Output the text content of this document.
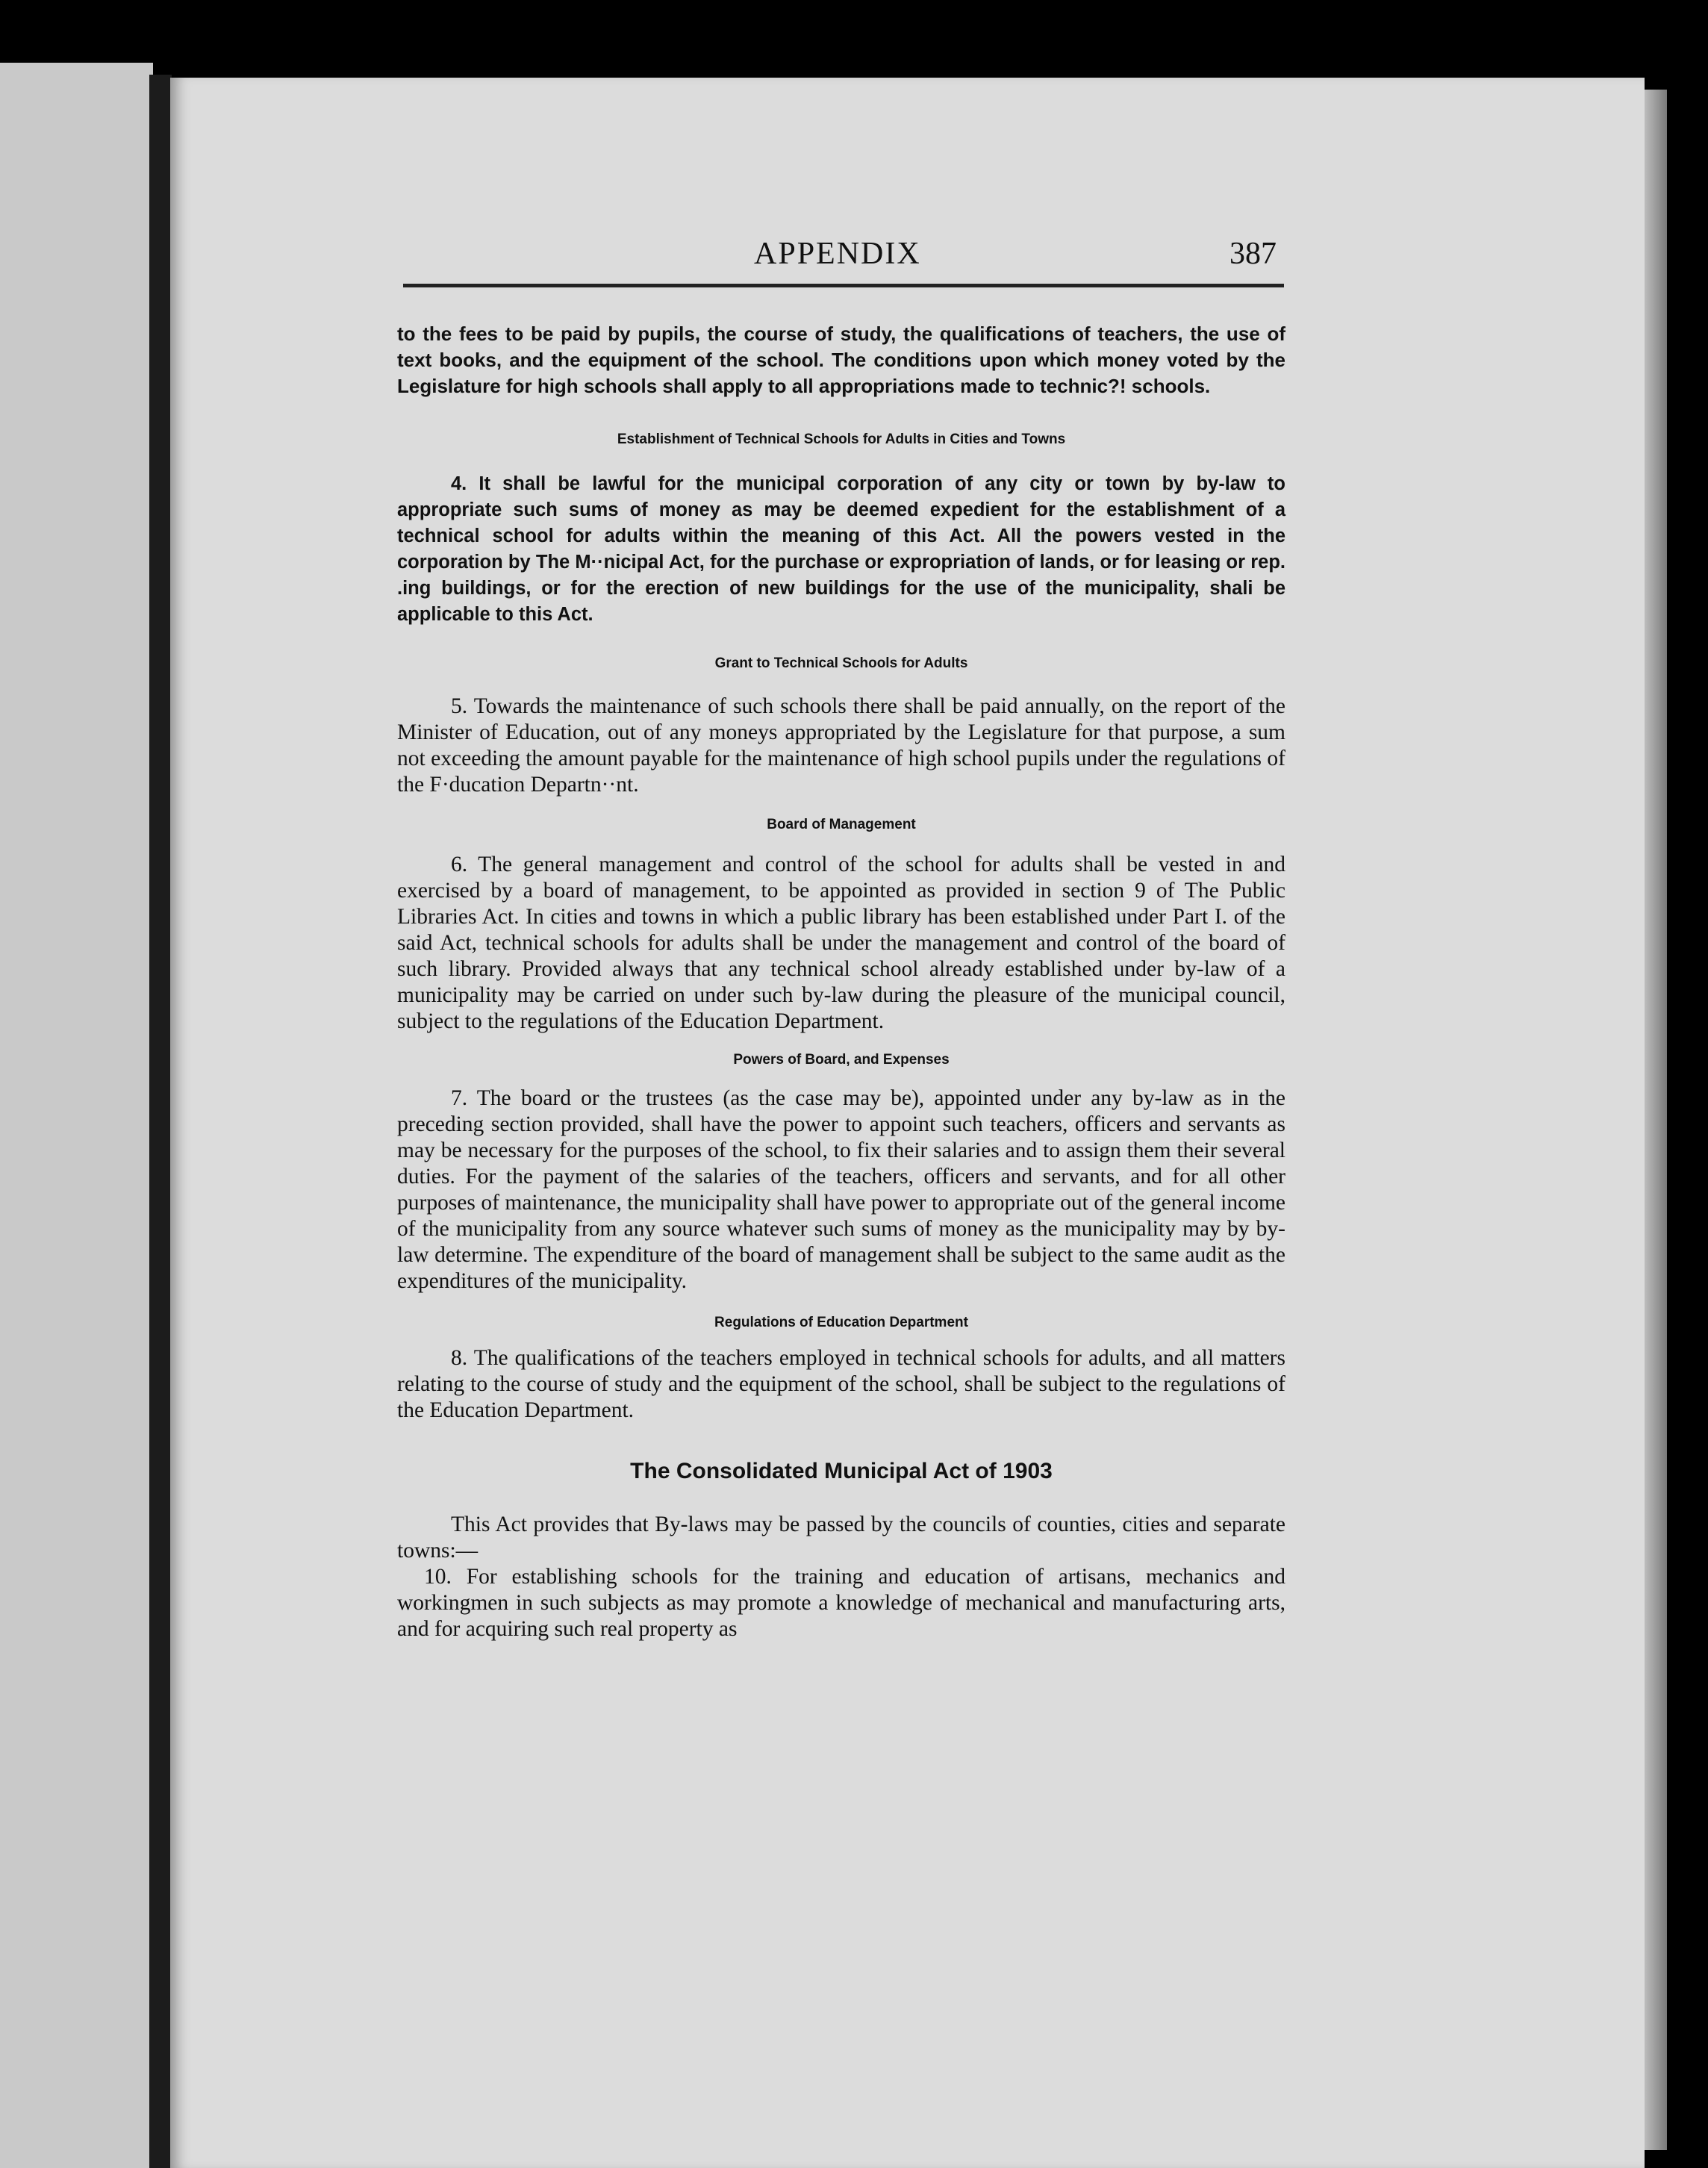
APPENDIX	387

to the fees to be paid by pupils, the course of study, the qualifications of teachers, the use of text books, and the equipment of the school. The conditions upon which money voted by the Legislature for high schools shall apply to all appropriations made to technic?! schools.

Establishment of Technical Schools for Adults in Cities and Towns

4. It shall be lawful for the municipal corporation of any city or town by by-law to appropriate such sums of money as may be deemed expedient for the establishment of a technical school for adults within the meaning of this Act. All the powers vested in the corporation by The M··nicipal Act, for the purchase or expropriation of lands, or for leasing or rep. .ing buildings, or for the erection of new buildings for the use of the municipality, shali be applicable to this Act.

Grant to Technical Schools for Adults

5. Towards the maintenance of such schools there shall be paid annually, on the report of the Minister of Education, out of any moneys appropriated by the Legislature for that purpose, a sum not exceeding the amount payable for the maintenance of high school pupils under the regulations of the F·ducation Departn··nt.

Board of Management

6. The general management and control of the school for adults shall be vested in and exercised by a board of management, to be appointed as provided in section 9 of The Public Libraries Act. In cities and towns in which a public library has been established under Part I. of the said Act, technical schools for adults shall be under the management and control of the board of such library. Provided always that any technical school already established under by-law of a municipality may be carried on under such by-law during the pleasure of the municipal council, subject to the regulations of the Education Department.

Powers of Board, and Expenses

7. The board or the trustees (as the case may be), appointed under any by-law as in the preceding section provided, shall have the power to appoint such teachers, officers and servants as may be necessary for the purposes of the school, to fix their salaries and to assign them their several duties. For the payment of the salaries of the teachers, officers and servants, and for all other purposes of maintenance, the municipality shall have power to appropriate out of the general income of the municipality from any source whatever such sums of money as the municipality may by by-law determine. The expenditure of the board of management shall be subject to the same audit as the expenditures of the municipality.

Regulations of Education Department

8. The qualifications of the teachers employed in technical schools for adults, and all matters relating to the course of study and the equipment of the school, shall be subject to the regulations of the Education Department.

The Consolidated Municipal Act of 1903

This Act provides that By-laws may be passed by the councils of counties, cities and separate towns:—

10. For establishing schools for the training and education of artisans, mechanics and workingmen in such subjects as may promote a knowledge of mechanical and manufacturing arts, and for acquiring such real property as
